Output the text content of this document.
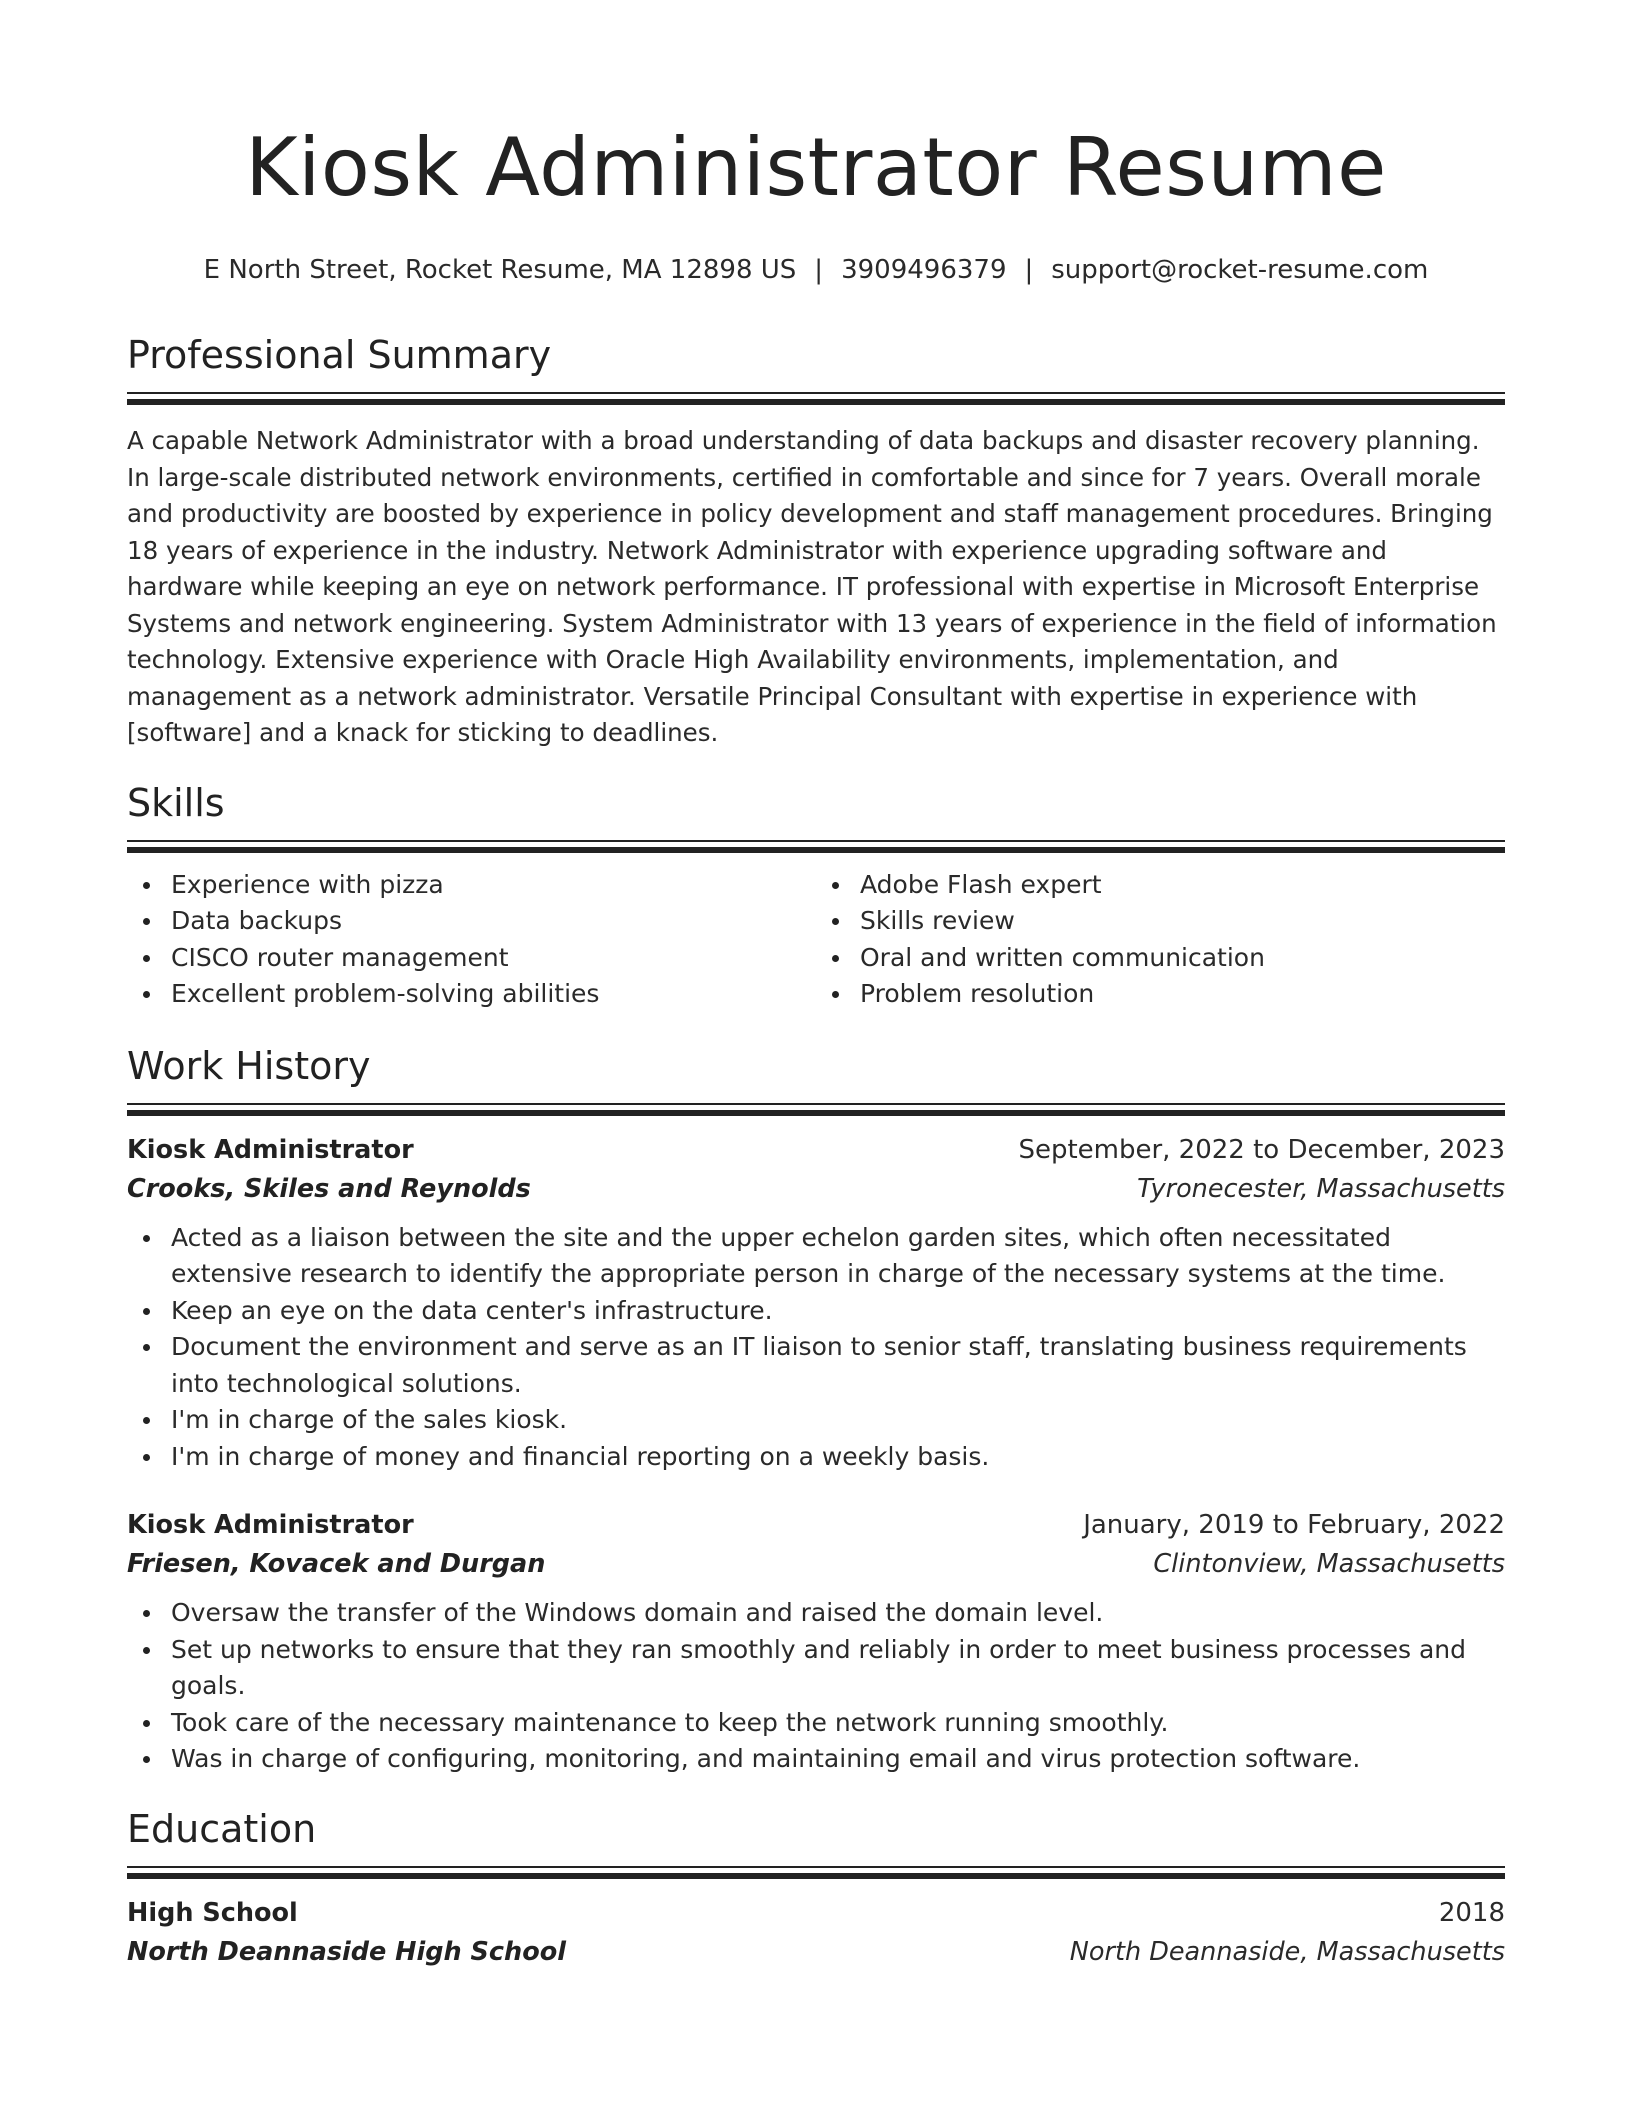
Kiosk Administrator Resume
E North Street, Rocket Resume, MA 12898 US | 3909496379 | support@rocket-resume.com
Professional Summary

A capable Network Administrator with a broad understanding of data backups and disaster recovery planning. In large-scale distributed network environments, certified in comfortable and since for 7 years. Overall morale and productivity are boosted by experience in policy development and staff management procedures. Bringing 18 years of experience in the industry. Network Administrator with experience upgrading software and hardware while keeping an eye on network performance. IT professional with expertise in Microsoft Enterprise Systems and network engineering. System Administrator with 13 years of experience in the field of information technology. Extensive experience with Oracle High Availability environments, implementation, and management as a network administrator. Versatile Principal Consultant with expertise in experience with [software] and a knack for sticking to deadlines.

Skills
Experience with pizza
Data backups
CISCO router management
Excellent problem-solving abilities
Adobe Flash expert
Skills review
Oral and written communication
Problem resolution
Work History
Kiosk Administrator	September, 2022 to December, 2023
Crooks, Skiles and Reynolds	Tyronecester, Massachusetts
Acted as a liaison between the site and the upper echelon garden sites, which often necessitated extensive research to identify the appropriate person in charge of the necessary systems at the time.
Keep an eye on the data center's infrastructure.
Document the environment and serve as an IT liaison to senior staff, translating business requirements into technological solutions.
I'm in charge of the sales kiosk.
I'm in charge of money and financial reporting on a weekly basis.
Kiosk Administrator	January, 2019 to February, 2022
Friesen, Kovacek and Durgan	Clintonview, Massachusetts
Oversaw the transfer of the Windows domain and raised the domain level.
Set up networks to ensure that they ran smoothly and reliably in order to meet business processes and goals.
Took care of the necessary maintenance to keep the network running smoothly.
Was in charge of configuring, monitoring, and maintaining email and virus protection software.
Education
High School	2018
North Deannaside High School	North Deannaside, Massachusetts
